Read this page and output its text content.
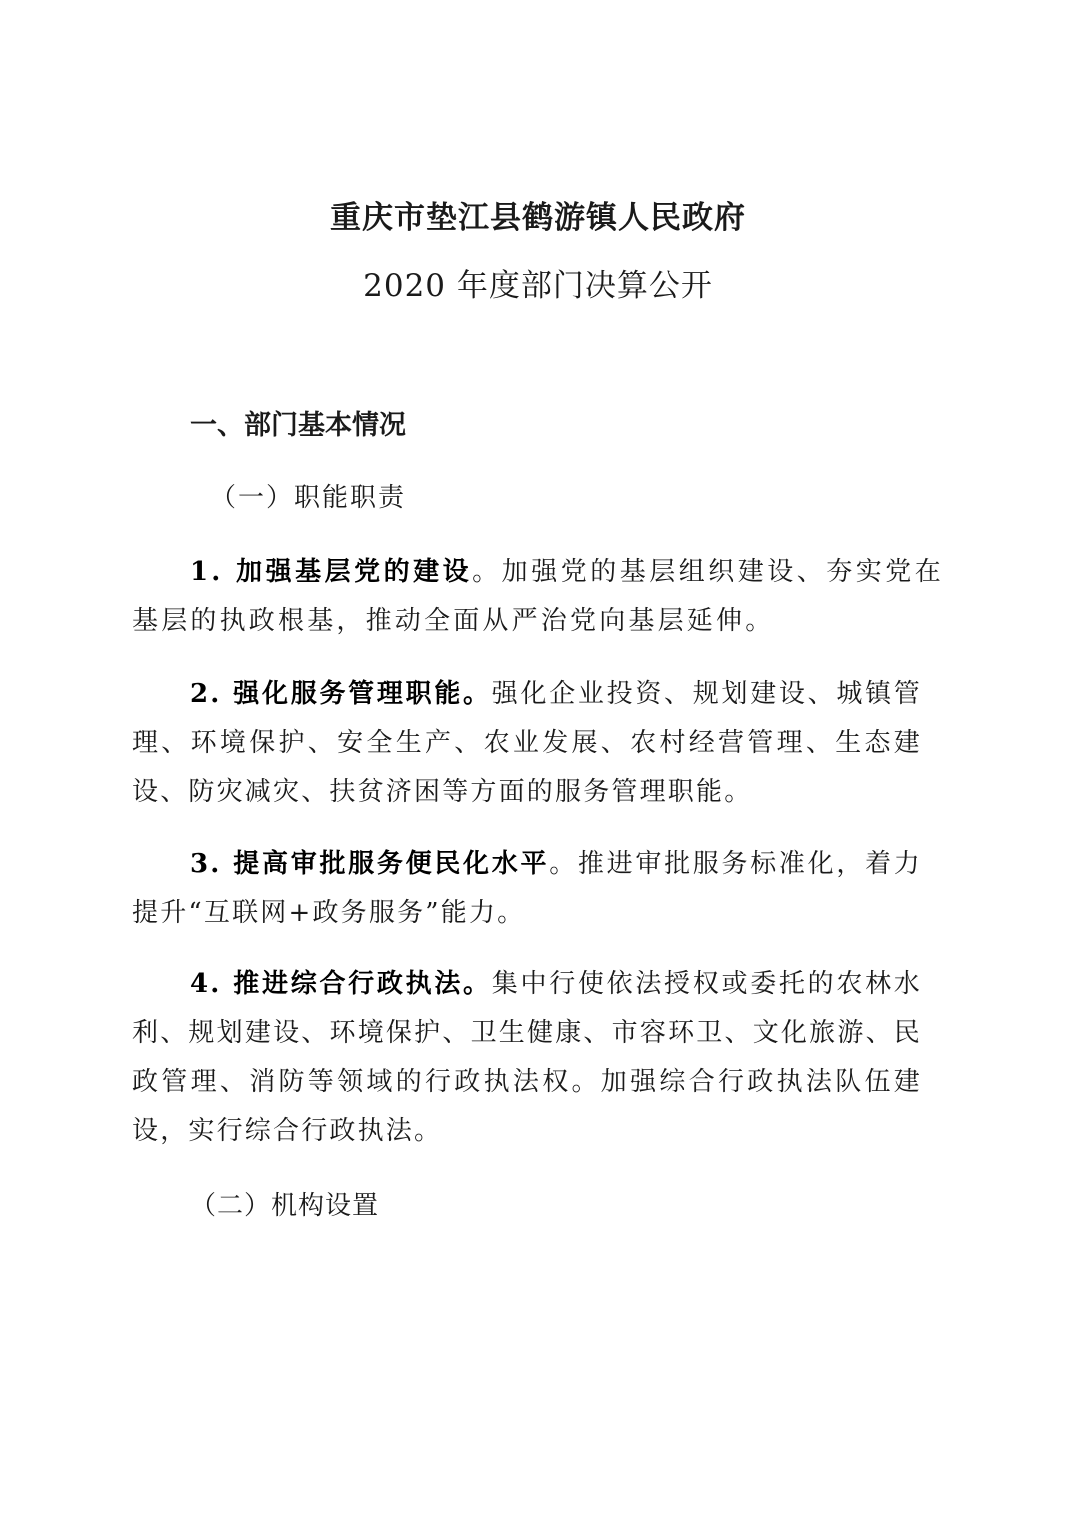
重庆市垫江县鹤游镇人民政府
2020 年度部门决算公开
一、部门基本情况

（一）职能职责

1. 加强基层党的建设。加强党的基层组织建设、夯实党在基层的执政根基，推动全面从严治党向基层延伸。

2. 强化服务管理职能。强化企业投资、规划建设、城镇管理、环境保护、安全生产、农业发展、农村经营管理、生态建设、防灾减灾、扶贫济困等方面的服务管理职能。

3. 提高审批服务便民化水平。推进审批服务标准化，着力提升“互联网+政务服务”能力。

4. 推进综合行政执法。集中行使依法授权或委托的农林水利、规划建设、环境保护、卫生健康、市容环卫、文化旅游、民政管理、消防等领域的行政执法权。加强综合行政执法队伍建设，实行综合行政执法。

（二）机构设置
